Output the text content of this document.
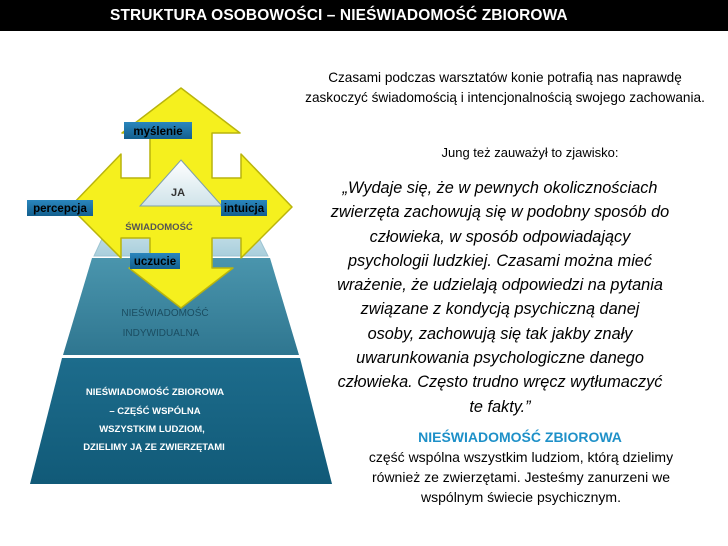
STRUKTURA OSOBOWOŚCI – NIEŚWIADOMOŚĆ ZBIOROWA
myślenie
percepcja	intuicja
uczucie
JA
ŚWIADOMOŚĆ
NIEŚWIADOMOŚĆ
INDYWIDUALNA
NIEŚWIADOMOŚĆ ZBIOROWA
– CZĘŚĆ WSPÓLNA
WSZYSTKIM LUDZIOM,
DZIELIMY JĄ ZE ZWIERZĘTAMI
Czasami podczas warsztatów konie potrafią nas naprawdę
zaskoczyć świadomością i intencjonalnością swojego zachowania.
Jung też zauważył to zjawisko:
„Wydaje się, że w pewnych okolicznościach
zwierzęta zachowują się w podobny sposób do
człowieka, w sposób odpowiadający
psychologii ludzkiej. Czasami można mieć
wrażenie, że udzielają odpowiedzi na pytania
związane z kondycją psychiczną danej
osoby, zachowują się tak jakby znały
uwarunkowania psychologiczne danego
człowieka. Często trudno wręcz wytłumaczyć
te fakty.”
NIEŚWIADOMOŚĆ ZBIOROWA
część wspólna wszystkim ludziom, którą dzielimy
również ze zwierzętami. Jesteśmy zanurzeni we
wspólnym świecie psychicznym.
